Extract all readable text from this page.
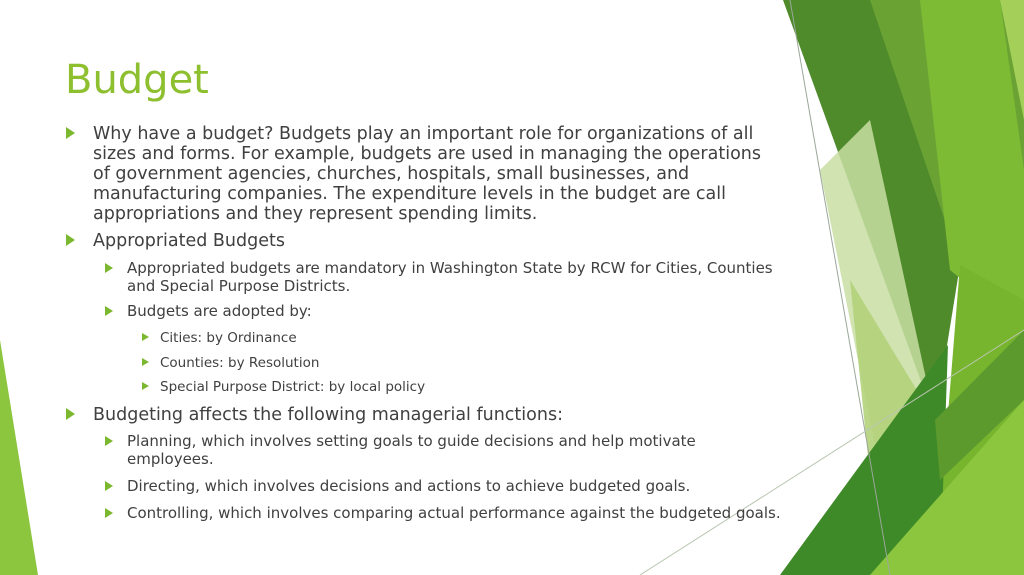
Budget
Why have a budget? Budgets play an important role for organizations of all sizes and forms. For example, budgets are used in managing the operations of government agencies, churches, hospitals, small businesses, and manufacturing companies. The expenditure levels in the budget are call appropriations and they represent spending limits.
Appropriated Budgets
Appropriated budgets are mandatory in Washington State by RCW for Cities, Counties and Special Purpose Districts.
Budgets are adopted by:
Cities: by Ordinance
Counties: by Resolution
Special Purpose District: by local policy
Budgeting affects the following managerial functions:
Planning, which involves setting goals to guide decisions and help motivate employees.
Directing, which involves decisions and actions to achieve budgeted goals.
Controlling, which involves comparing actual performance against the budgeted goals.
